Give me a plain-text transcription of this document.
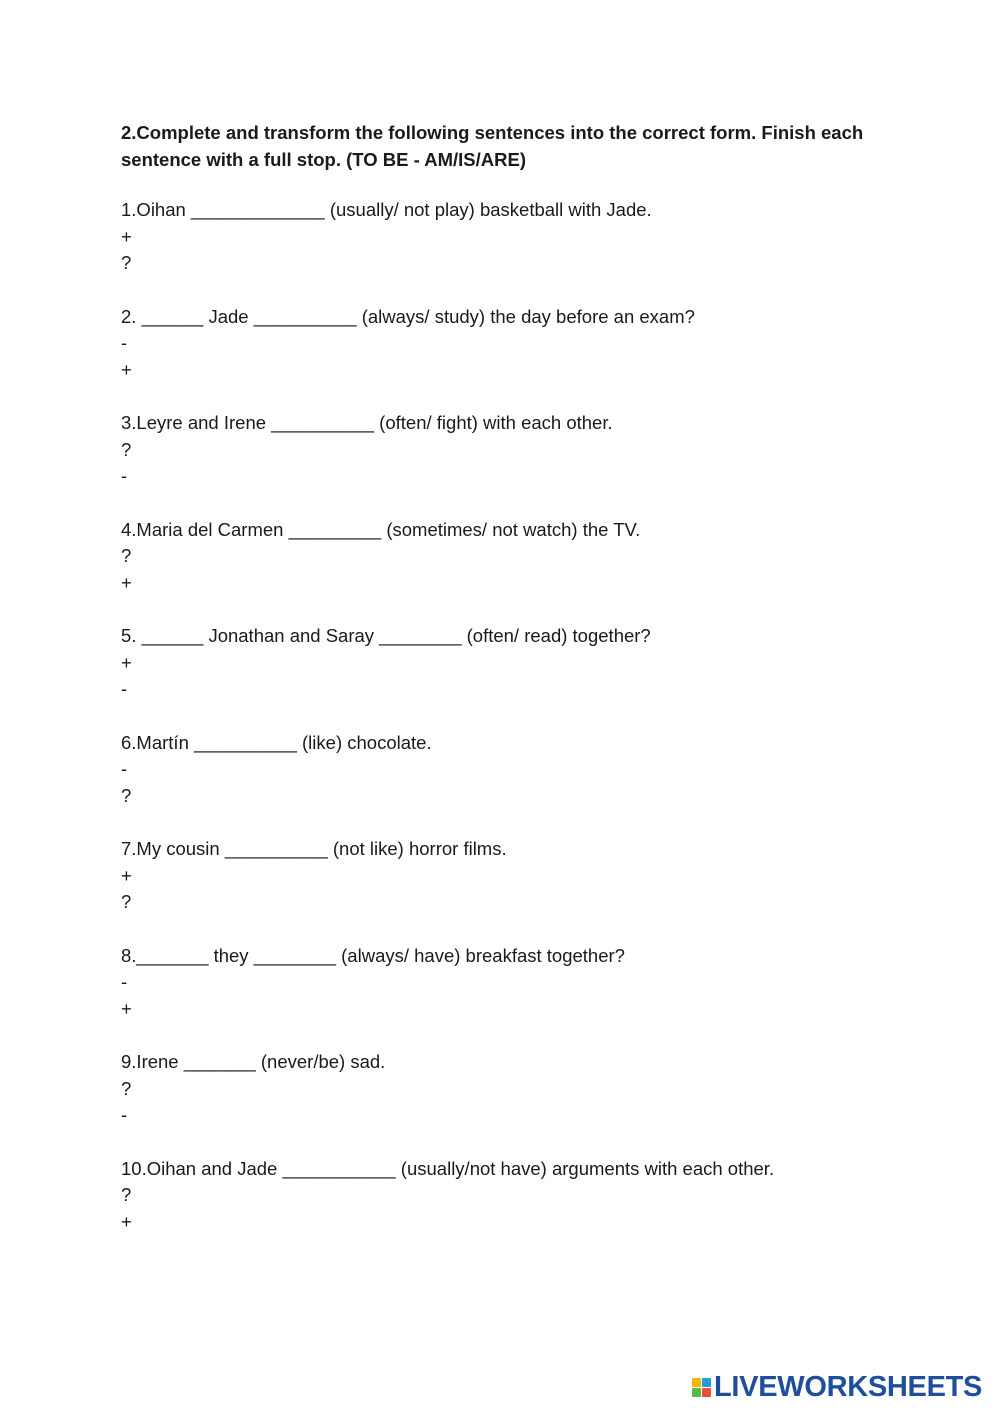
2.Complete and transform the following sentences into the correct form. Finish each sentence with a full stop. (TO BE - AM/IS/ARE)

1.Oihan _____________ (usually/ not play) basketball with Jade.

+

?

2. ______ Jade __________ (always/ study) the day before an exam?

-

+

3.Leyre and Irene __________ (often/ fight) with each other.

?

-

4.Maria del Carmen _________ (sometimes/ not watch) the TV.

?

+

5. ______ Jonathan and Saray ________ (often/ read) together?

+

-

6.Martín __________ (like) chocolate.

-

?

7.My cousin __________ (not like) horror films.

+

?

8._______ they ________ (always/ have) breakfast together?

-

+

9.Irene _______ (never/be) sad.

?

-

10.Oihan and Jade ___________ (usually/not have) arguments with each other.

?

+

LIVEWORKSHEETS
